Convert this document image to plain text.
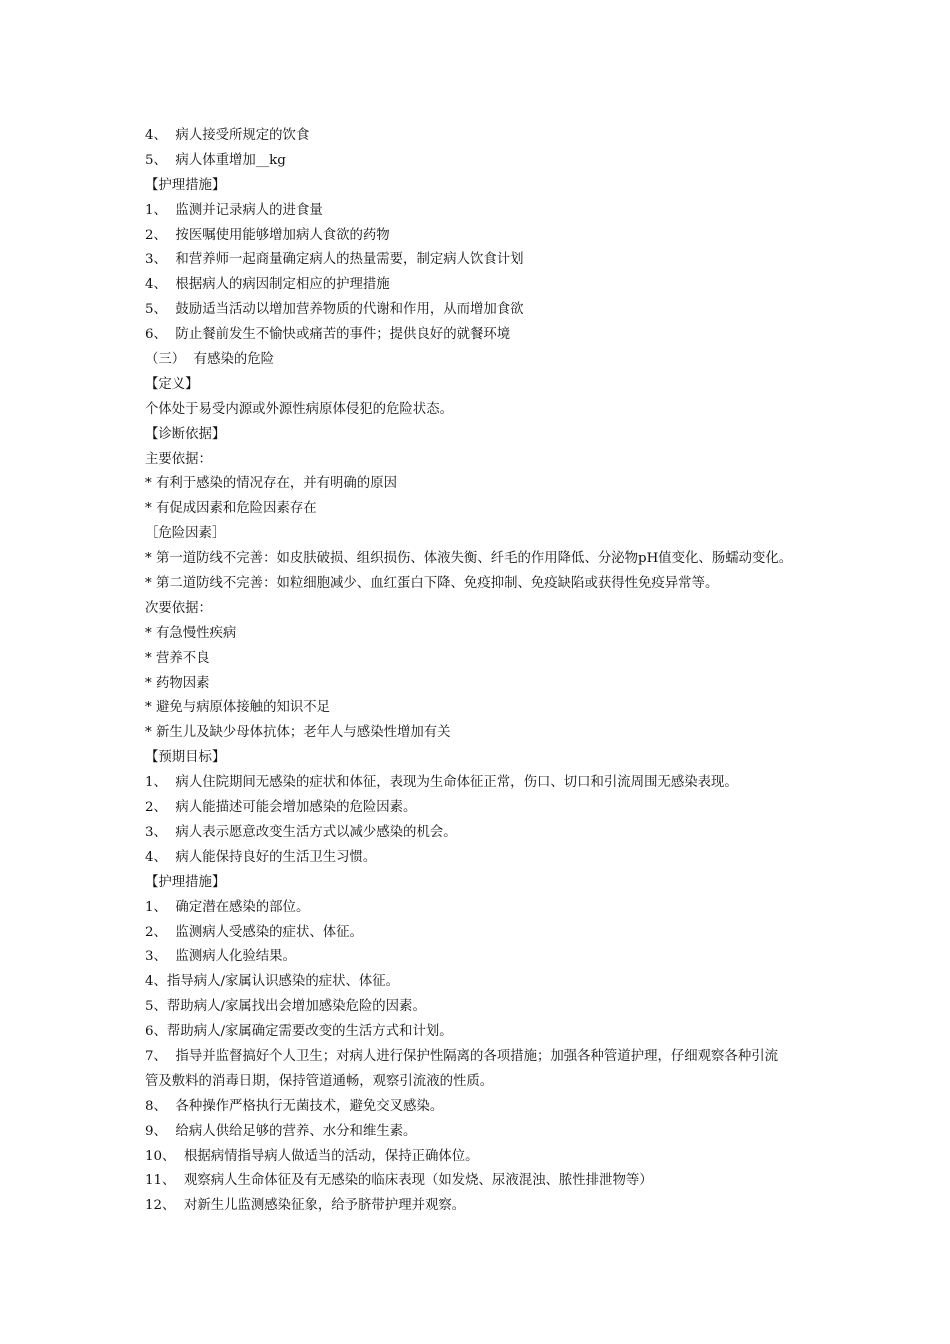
4、  病人接受所规定的饮食
5、  病人体重增加__kg
【护理措施】
1、  监测并记录病人的进食量
2、  按医嘱使用能够增加病人食欲的药物
3、  和营养师一起商量确定病人的热量需要，制定病人饮食计划
4、  根据病人的病因制定相应的护理措施
5、  鼓励适当活动以增加营养物质的代谢和作用，从而增加食欲
6、  防止餐前发生不愉快或痛苦的事件；提供良好的就餐环境
（三）  有感染的危险
【定义】
个体处于易受内源或外源性病原体侵犯的危险状态。
【诊断依据】
主要依据：
* 有利于感染的情况存在，并有明确的原因
* 有促成因素和危险因素存在
［危险因素］
* 第一道防线不完善：如皮肤破损、组织损伤、体液失衡、纤毛的作用降低、分泌物pH值变化、肠蠕动变化。
* 第二道防线不完善：如粒细胞减少、血红蛋白下降、免疫抑制、免疫缺陷或获得性免疫异常等。
次要依据：
* 有急慢性疾病
* 营养不良
* 药物因素
* 避免与病原体接触的知识不足
* 新生儿及缺少母体抗体；老年人与感染性增加有关
【预期目标】
1、  病人住院期间无感染的症状和体征，表现为生命体征正常，伤口、切口和引流周围无感染表现。
2、  病人能描述可能会增加感染的危险因素。
3、  病人表示愿意改变生活方式以减少感染的机会。
4、  病人能保持良好的生活卫生习惯。
【护理措施】
1、  确定潜在感染的部位。
2、  监测病人受感染的症状、体征。
3、  监测病人化验结果。
4、指导病人/家属认识感染的症状、体征。
5、帮助病人/家属找出会增加感染危险的因素。
6、帮助病人/家属确定需要改变的生活方式和计划。
7、  指导并监督搞好个人卫生；对病人进行保护性隔离的各项措施；加强各种管道护理，仔细观察各种引流
管及敷料的消毒日期，保持管道通畅，观察引流液的性质。
8、  各种操作严格执行无菌技术，避免交叉感染。
9、  给病人供给足够的营养、水分和维生素。
10、  根据病情指导病人做适当的活动，保持正确体位。
11、  观察病人生命体征及有无感染的临床表现（如发烧、尿液混浊、脓性排泄物等）
12、  对新生儿监测感染征象，给予脐带护理并观察。
